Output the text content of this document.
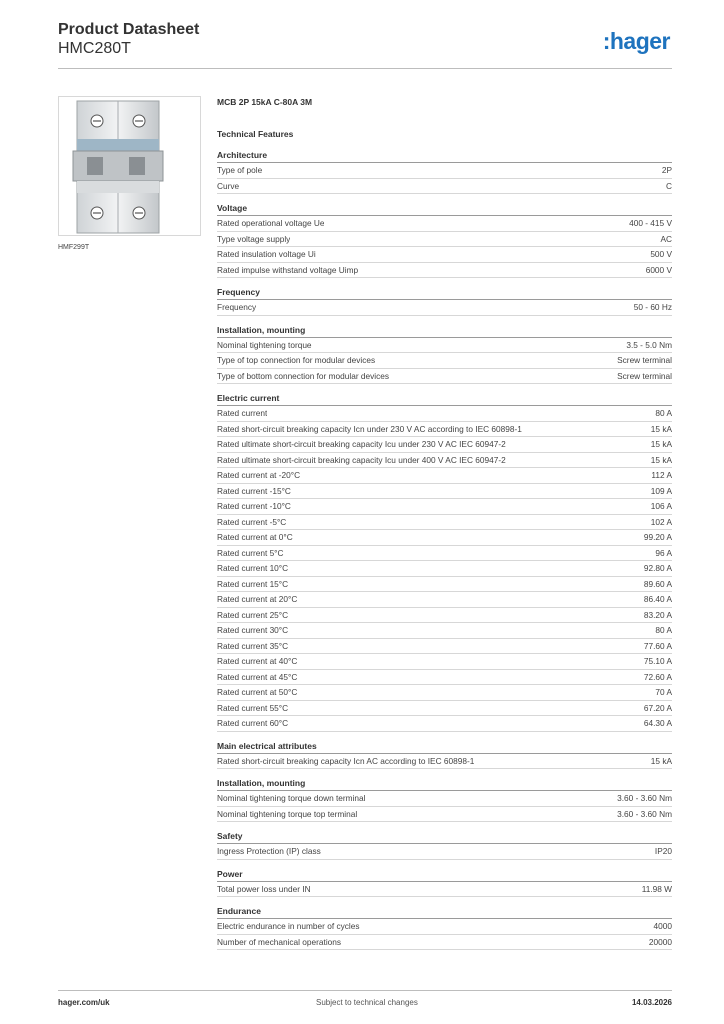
Product Datasheet
HMC280T	:hager
HMF299T
MCB 2P 15kA C-80A 3M
Technical Features
Architecture
Type of pole	2P
Curve	C
Voltage
Rated operational voltage Ue	400 - 415 V
Type voltage supply	AC
Rated insulation voltage Ui	500 V
Rated impulse withstand voltage Uimp	6000 V
Frequency
Frequency	50 - 60 Hz
Installation, mounting
Nominal tightening torque	3.5 - 5.0 Nm
Type of top connection for modular devices	Screw terminal
Type of bottom connection for modular devices	Screw terminal
Electric current
Rated current	80 A
Rated short-circuit breaking capacity Icn under 230 V AC according to IEC 60898-1	15 kA
Rated ultimate short-circuit breaking capacity Icu under 230 V AC IEC 60947-2	15 kA
Rated ultimate short-circuit breaking capacity Icu under 400 V AC IEC 60947-2	15 kA
Rated current at -20°C	112 A
Rated current -15°C	109 A
Rated current -10°C	106 A
Rated current -5°C	102 A
Rated current at 0°C	99.20 A
Rated current 5°C	96 A
Rated current 10°C	92.80 A
Rated current 15°C	89.60 A
Rated current at 20°C	86.40 A
Rated current 25°C	83.20 A
Rated current 30°C	80 A
Rated current 35°C	77.60 A
Rated current at 40°C	75.10 A
Rated current at 45°C	72.60 A
Rated current at 50°C	70 A
Rated current 55°C	67.20 A
Rated current 60°C	64.30 A
Main electrical attributes
Rated short-circuit breaking capacity Icn AC according to IEC 60898-1	15 kA
Installation, mounting
Nominal tightening torque down terminal	3.60 - 3.60 Nm
Nominal tightening torque top terminal	3.60 - 3.60 Nm
Safety
Ingress Protection (IP) class	IP20
Power
Total power loss under IN	11.98 W
Endurance
Electric endurance in number of cycles	4000
Number of mechanical operations	20000
hager.com/uk	Subject to technical changes	14.03.2026
